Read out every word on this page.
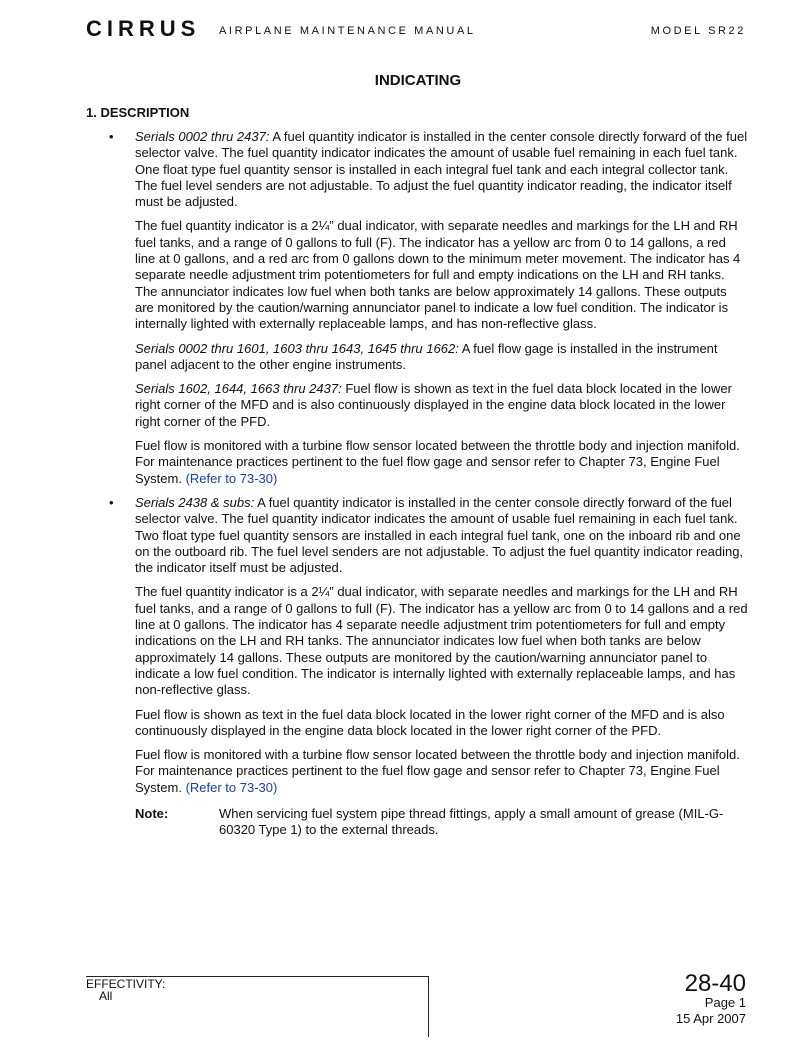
CIRRUS AIRPLANE MAINTENANCE MANUAL	MODEL SR22
INDICATING
1. DESCRIPTION
• Serials 0002 thru 2437: A fuel quantity indicator is installed in the center console directly forward of the fuel selector valve. The fuel quantity indicator indicates the amount of usable fuel remaining in each fuel tank. One float type fuel quantity sensor is installed in each integral fuel tank and each integral collector tank. The fuel level senders are not adjustable. To adjust the fuel quantity indicator reading, the indicator itself must be adjusted.

The fuel quantity indicator is a 2¼” dual indicator, with separate needles and markings for the LH and RH fuel tanks, and a range of 0 gallons to full (F). The indicator has a yellow arc from 0 to 14 gallons, a red line at 0 gallons, and a red arc from 0 gallons down to the minimum meter movement. The indicator has 4 separate needle adjustment trim potentiometers for full and empty indications on the LH and RH tanks. The annunciator indicates low fuel when both tanks are below approximately 14 gallons. These outputs are monitored by the caution/warning annunciator panel to indicate a low fuel condition. The indicator is internally lighted with externally replaceable lamps, and has non-reflective glass.

Serials 0002 thru 1601, 1603 thru 1643, 1645 thru 1662: A fuel flow gage is installed in the instrument panel adjacent to the other engine instruments.

Serials 1602, 1644, 1663 thru 2437: Fuel flow is shown as text in the fuel data block located in the lower right corner of the MFD and is also continuously displayed in the engine data block located in the lower right corner of the PFD.

Fuel flow is monitored with a turbine flow sensor located between the throttle body and injection manifold. For maintenance practices pertinent to the fuel flow gage and sensor refer to Chapter 73, Engine Fuel System. (Refer to 73-30)

• Serials 2438 & subs: A fuel quantity indicator is installed in the center console directly forward of the fuel selector valve. The fuel quantity indicator indicates the amount of usable fuel remaining in each fuel tank. Two float type fuel quantity sensors are installed in each integral fuel tank, one on the inboard rib and one on the outboard rib. The fuel level senders are not adjustable. To adjust the fuel quantity indicator reading, the indicator itself must be adjusted.

The fuel quantity indicator is a 2¼” dual indicator, with separate needles and markings for the LH and RH fuel tanks, and a range of 0 gallons to full (F). The indicator has a yellow arc from 0 to 14 gallons and a red line at 0 gallons. The indicator has 4 separate needle adjustment trim potentiometers for full and empty indications on the LH and RH tanks. The annunciator indicates low fuel when both tanks are below approximately 14 gallons. These outputs are monitored by the caution/warning annunciator panel to indicate a low fuel condition. The indicator is internally lighted with externally replaceable lamps, and has non-reflective glass.

Fuel flow is shown as text in the fuel data block located in the lower right corner of the MFD and is also continuously displayed in the engine data block located in the lower right corner of the PFD.

Fuel flow is monitored with a turbine flow sensor located between the throttle body and injection manifold. For maintenance practices pertinent to the fuel flow gage and sensor refer to Chapter 73, Engine Fuel System. (Refer to 73-30)

Note:	When servicing fuel system pipe thread fittings, apply a small amount of grease (MIL-G-60320 Type 1) to the external threads.
EFFECTIVITY:
All	28-40
Page 1
15 Apr 2007
